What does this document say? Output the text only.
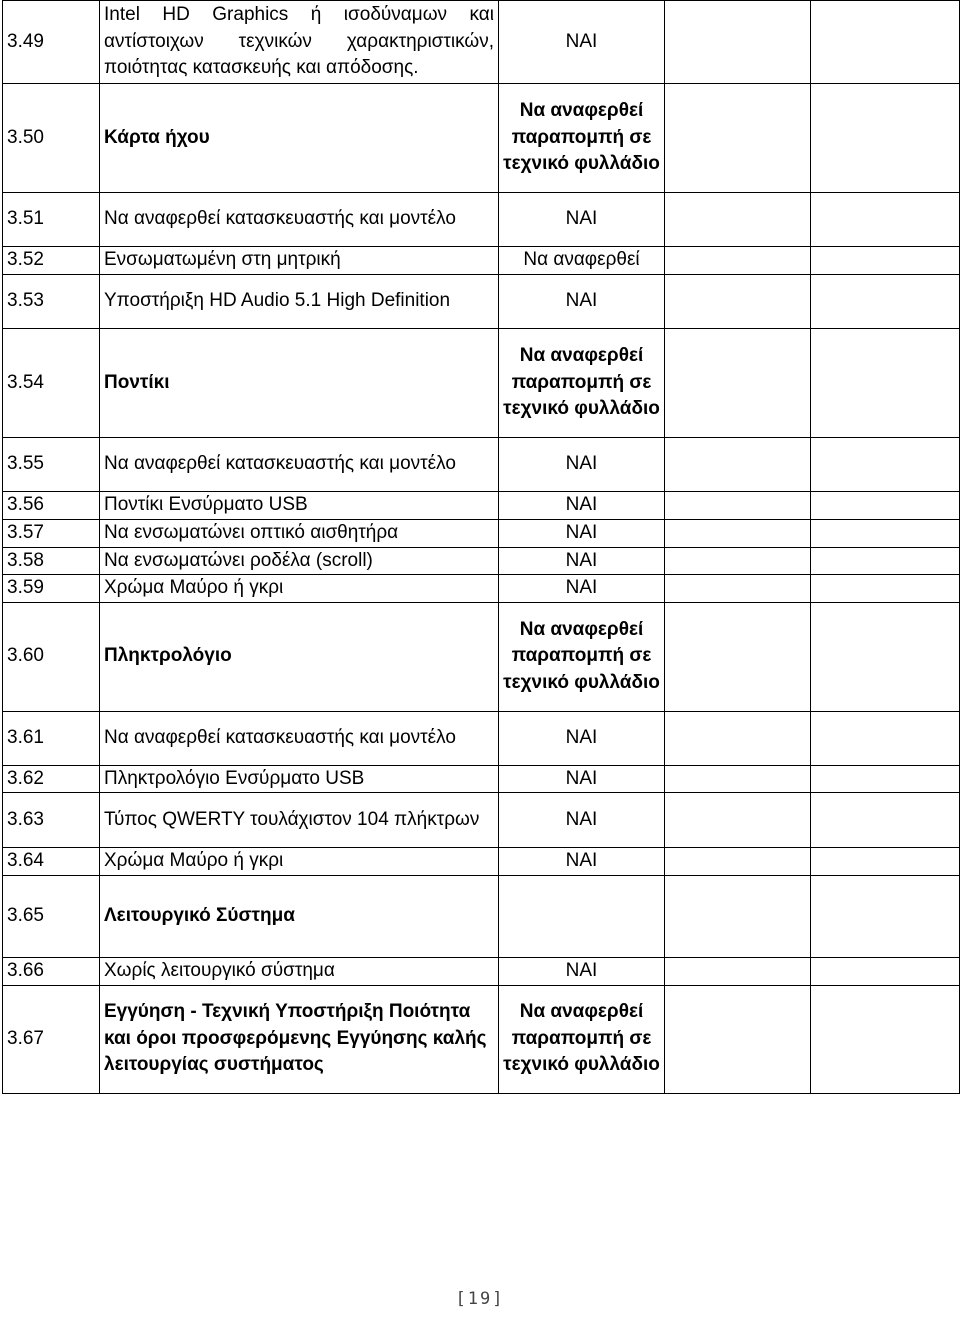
3.49	Intel HD Graphics ή ισοδύναμων και αντίστοιχων τεχνικών χαρακτηριστικών, ποιότητας κατασκευής και απόδοσης.	ΝΑΙ		
3.50	Κάρτα ήχου	Να αναφερθεί παραπομπή σε τεχνικό φυλλάδιο		
3.51	Να αναφερθεί κατασκευαστής και μοντέλο	ΝΑΙ		
3.52	Ενσωματωμένη στη μητρική	Να αναφερθεί		
3.53	Υποστήριξη HD Audio 5.1 High Definition	ΝΑΙ		
3.54	Ποντίκι	Να αναφερθεί παραπομπή σε τεχνικό φυλλάδιο		
3.55	Να αναφερθεί κατασκευαστής και μοντέλο	ΝΑΙ		
3.56	Ποντίκι Ενσύρματο USB	ΝΑΙ		
3.57	Να ενσωματώνει οπτικό αισθητήρα	ΝΑΙ		
3.58	Να ενσωματώνει ροδέλα (scroll)	ΝΑΙ		
3.59	Χρώμα Μαύρο ή γκρι	ΝΑΙ		
3.60	Πληκτρολόγιο	Να αναφερθεί παραπομπή σε τεχνικό φυλλάδιο		
3.61	Να αναφερθεί κατασκευαστής και μοντέλο	ΝΑΙ		
3.62	Πληκτρολόγιο Ενσύρματο USB	ΝΑΙ		
3.63	Τύπος QWERTY τουλάχιστον 104 πλήκτρων	ΝΑΙ		
3.64	Χρώμα Μαύρο ή γκρι	ΝΑΙ		
3.65	Λειτουργικό Σύστημα			
3.66	Χωρίς λειτουργικό σύστημα	ΝΑΙ		
3.67	Εγγύηση - Τεχνική Υποστήριξη Ποιότητα και όροι προσφερόμενης Εγγύησης καλής λειτουργίας συστήματος	Να αναφερθεί παραπομπή σε τεχνικό φυλλάδιο		
[19]
